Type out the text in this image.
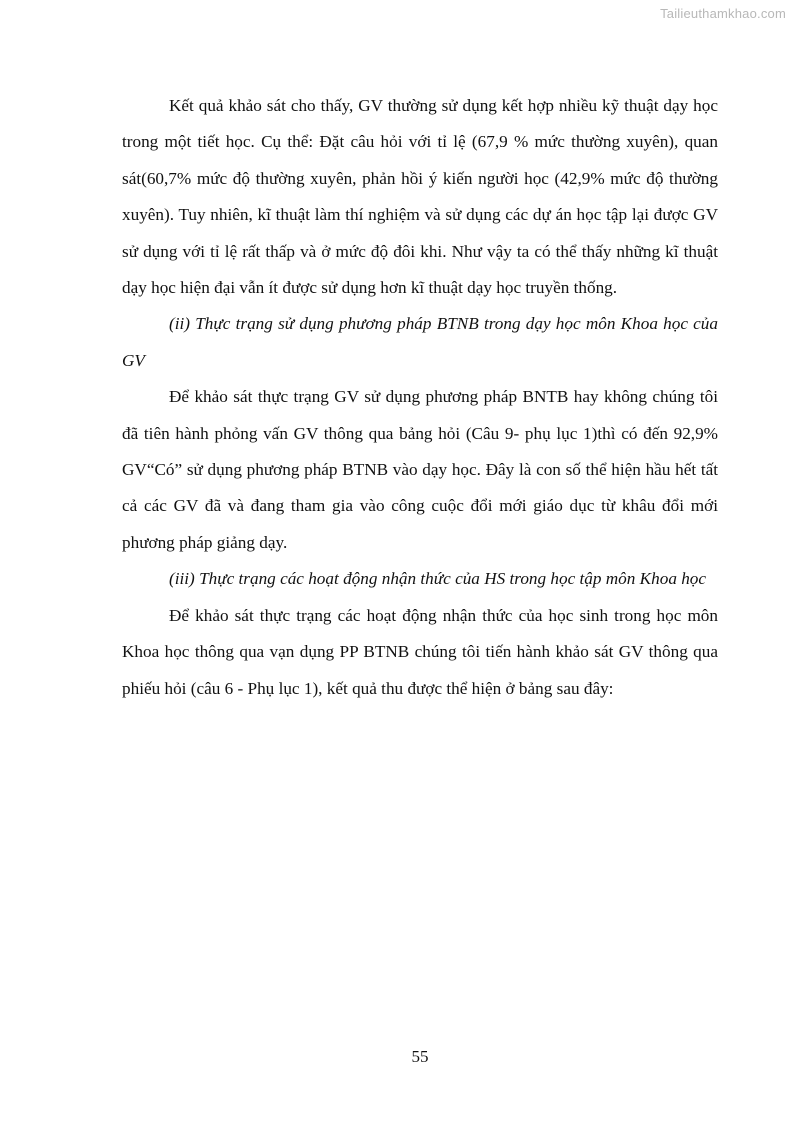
Tailieuthamkhao.com

Kết quả khảo sát cho thấy, GV thường sử dụng kết hợp nhiều kỹ thuật dạy học trong một tiết học. Cụ thể: Đặt câu hỏi với tỉ lệ (67,9 % mức thường xuyên), quan sát(60,7% mức độ thường xuyên, phản hồi ý kiến người học (42,9% mức độ thường xuyên). Tuy nhiên, kĩ thuật làm thí nghiệm và sử dụng các dự án học tập lại được GV sử dụng với tỉ lệ rất thấp và ở mức độ đôi khi. Như vậy ta có thể thấy những kĩ thuật dạy học hiện đại vẫn ít được sử dụng hơn kĩ thuật dạy học truyền thống.

(ii) Thực trạng sử dụng phương pháp BTNB trong dạy học môn Khoa học của GV

Để khảo sát thực trạng GV sử dụng phương pháp BNTB hay không chúng tôi đã tiên hành phỏng vấn GV thông qua bảng hỏi (Câu 9- phụ lục 1)thì có đến 92,9% GV“Có” sử dụng phương pháp BTNB vào dạy học. Đây là con số thể hiện hầu hết tất cả các GV đã và đang tham gia vào công cuộc đổi mới giáo dục từ khâu đổi mới phương pháp giảng dạy.

(iii) Thực trạng các hoạt động nhận thức của HS trong học tập môn Khoa học

Để khảo sát thực trạng các hoạt động nhận thức của học sinh trong học môn Khoa học thông qua vạn dụng PP BTNB chúng tôi tiến hành khảo sát GV thông qua phiếu hỏi (câu 6 - Phụ lục 1), kết quả thu được thể hiện ở bảng sau đây:

55
